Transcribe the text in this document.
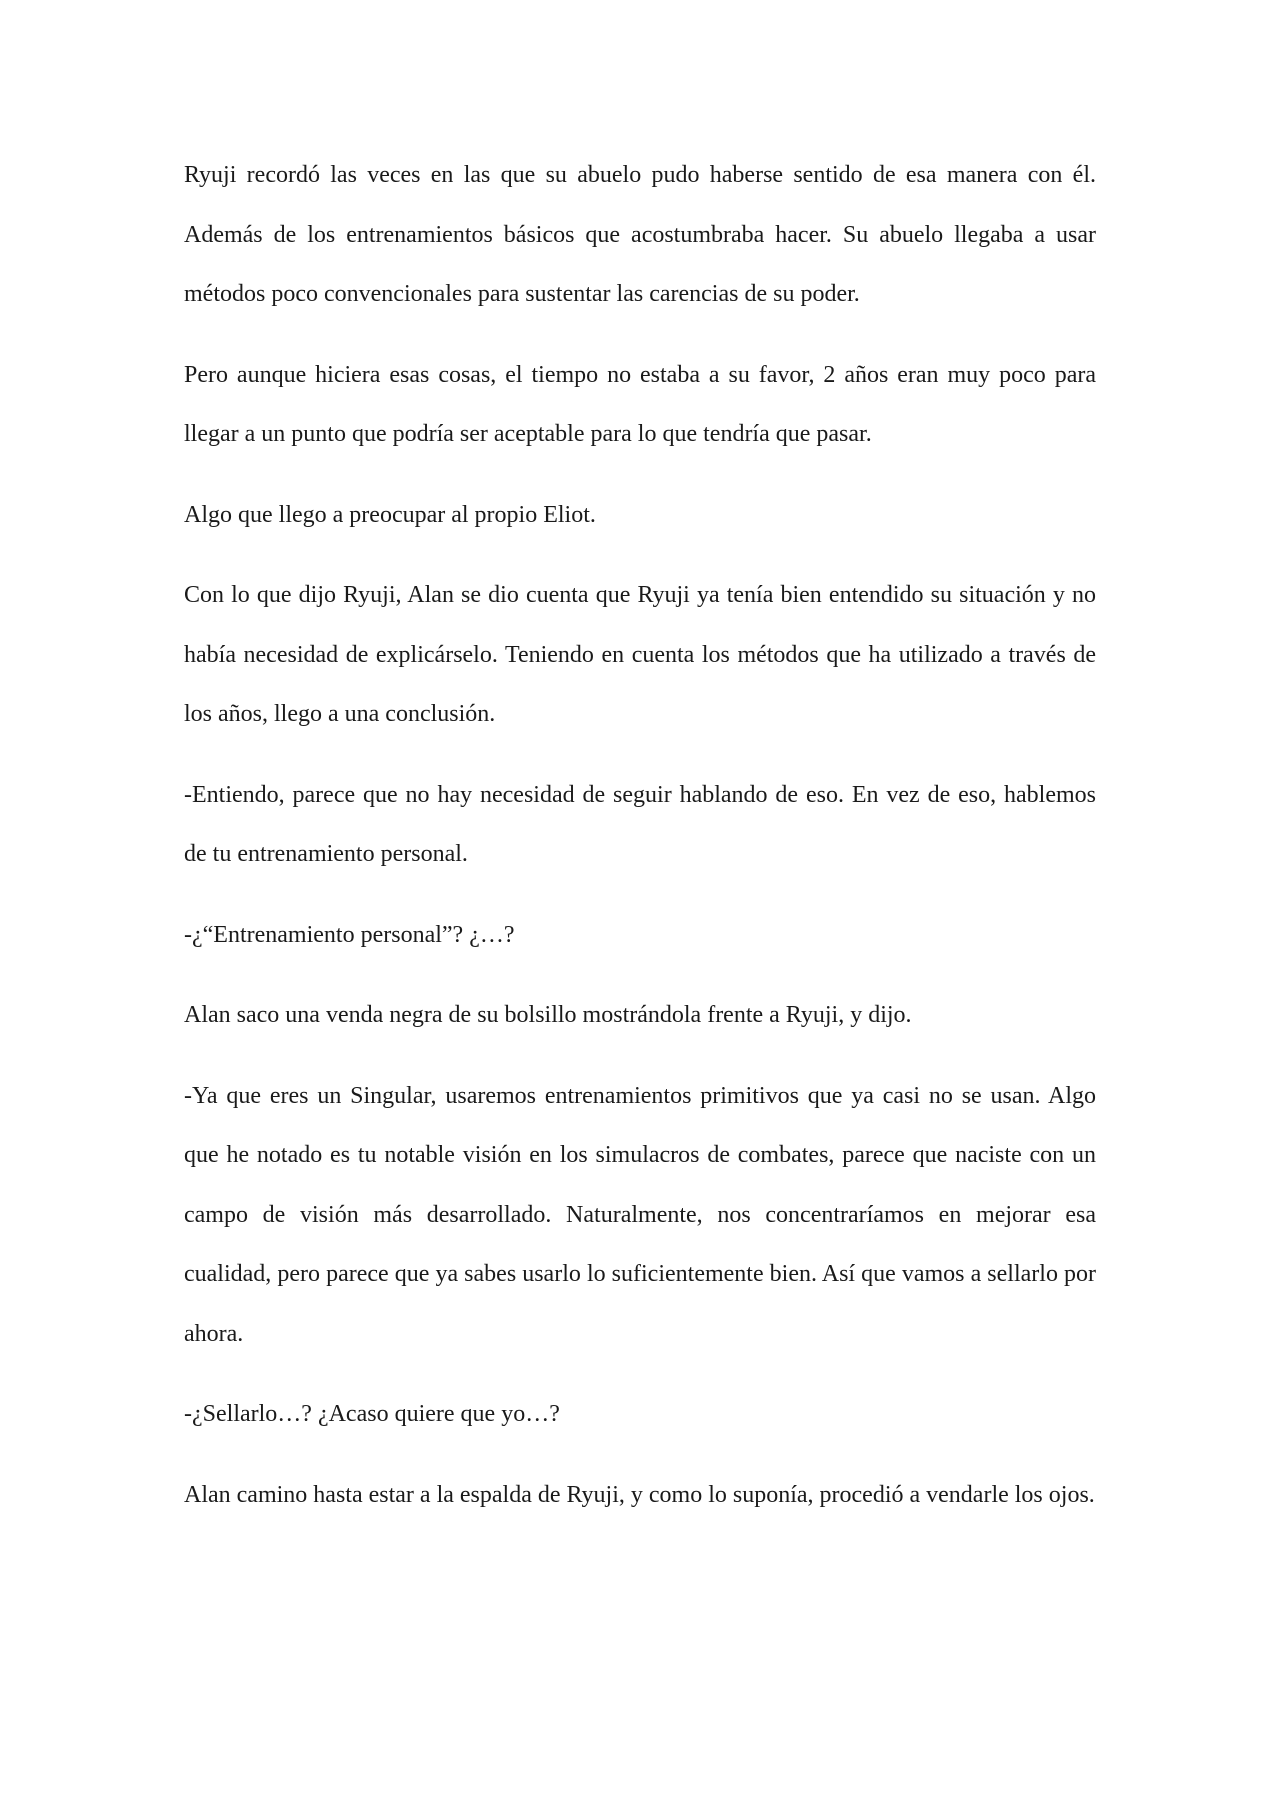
Ryuji recordó las veces en las que su abuelo pudo haberse sentido de esa manera con él. Además de los entrenamientos básicos que acostumbraba hacer. Su abuelo llegaba a usar métodos poco convencionales para sustentar las carencias de su poder.

Pero aunque hiciera esas cosas, el tiempo no estaba a su favor, 2 años eran muy poco para llegar a un punto que podría ser aceptable para lo que tendría que pasar.

Algo que llego a preocupar al propio Eliot.

Con lo que dijo Ryuji, Alan se dio cuenta que Ryuji ya tenía bien entendido su situación y no había necesidad de explicárselo. Teniendo en cuenta los métodos que ha utilizado a través de los años, llego a una conclusión.

-Entiendo, parece que no hay necesidad de seguir hablando de eso. En vez de eso, hablemos de tu entrenamiento personal.

-¿“Entrenamiento personal”? ¿…?

Alan saco una venda negra de su bolsillo mostrándola frente a Ryuji, y dijo.

-Ya que eres un Singular, usaremos entrenamientos primitivos que ya casi no se usan. Algo que he notado es tu notable visión en los simulacros de combates, parece que naciste con un campo de visión más desarrollado. Naturalmente, nos concentraríamos en mejorar esa cualidad, pero parece que ya sabes usarlo lo suficientemente bien. Así que vamos a sellarlo por ahora.

-¿Sellarlo…? ¿Acaso quiere que yo…?

Alan camino hasta estar a la espalda de Ryuji, y como lo suponía, procedió a vendarle los ojos.
